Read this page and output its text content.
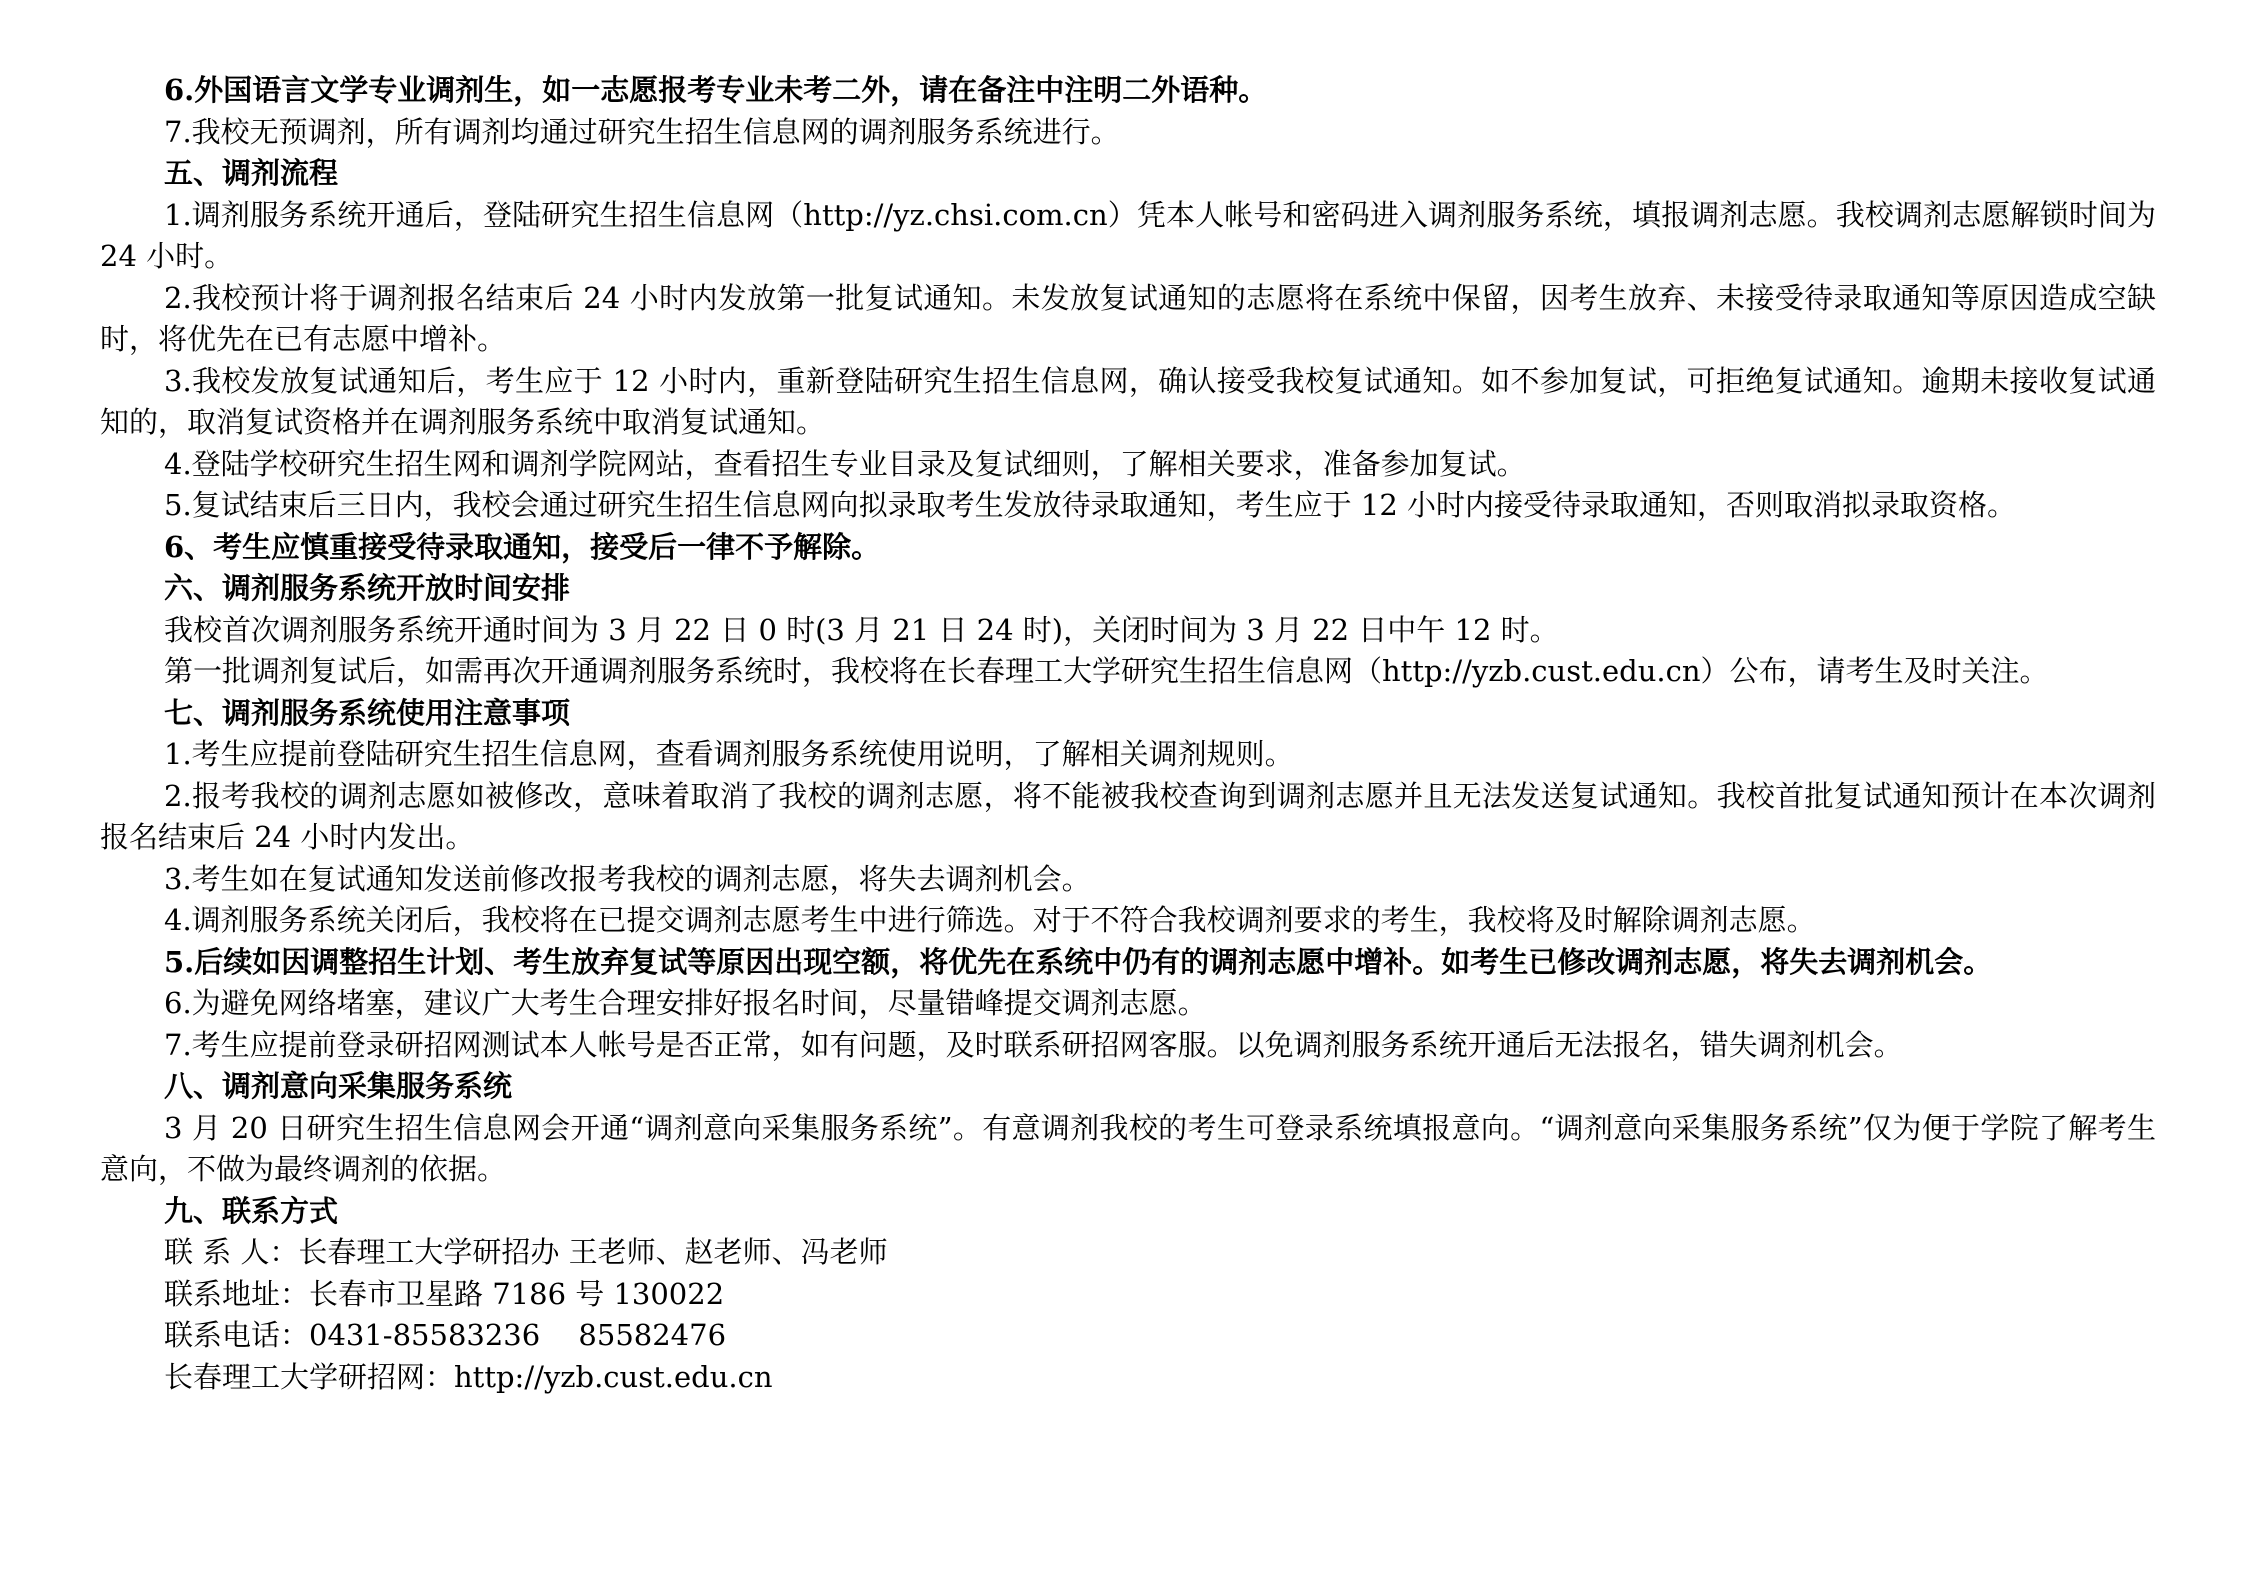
6.外国语言文学专业调剂生，如一志愿报考专业未考二外，请在备注中注明二外语种。

7.我校无预调剂，所有调剂均通过研究生招生信息网的调剂服务系统进行。

五、调剂流程

1.调剂服务系统开通后，登陆研究生招生信息网（http://yz.chsi.com.cn）凭本人帐号和密码进入调剂服务系统，填报调剂志愿。我校调剂志愿解锁时间为 24 小时。

2.我校预计将于调剂报名结束后 24 小时内发放第一批复试通知。未发放复试通知的志愿将在系统中保留，因考生放弃、未接受待录取通知等原因造成空缺时，将优先在已有志愿中增补。

3.我校发放复试通知后，考生应于 12 小时内，重新登陆研究生招生信息网，确认接受我校复试通知。如不参加复试，可拒绝复试通知。逾期未接收复试通知的，取消复试资格并在调剂服务系统中取消复试通知。

4.登陆学校研究生招生网和调剂学院网站，查看招生专业目录及复试细则，了解相关要求，准备参加复试。

5.复试结束后三日内，我校会通过研究生招生信息网向拟录取考生发放待录取通知，考生应于 12 小时内接受待录取通知，否则取消拟录取资格。

6、考生应慎重接受待录取通知，接受后一律不予解除。

六、调剂服务系统开放时间安排

我校首次调剂服务系统开通时间为 3 月 22 日 0 时(3 月 21 日 24 时)，关闭时间为 3 月 22 日中午 12 时。

第一批调剂复试后，如需再次开通调剂服务系统时，我校将在长春理工大学研究生招生信息网（http://yzb.cust.edu.cn）公布，请考生及时关注。

七、调剂服务系统使用注意事项

1.考生应提前登陆研究生招生信息网，查看调剂服务系统使用说明，了解相关调剂规则。

2.报考我校的调剂志愿如被修改，意味着取消了我校的调剂志愿，将不能被我校查询到调剂志愿并且无法发送复试通知。我校首批复试通知预计在本次调剂报名结束后 24 小时内发出。

3.考生如在复试通知发送前修改报考我校的调剂志愿，将失去调剂机会。

4.调剂服务系统关闭后，我校将在已提交调剂志愿考生中进行筛选。对于不符合我校调剂要求的考生，我校将及时解除调剂志愿。

5.后续如因调整招生计划、考生放弃复试等原因出现空额，将优先在系统中仍有的调剂志愿中增补。如考生已修改调剂志愿，将失去调剂机会。

6.为避免网络堵塞，建议广大考生合理安排好报名时间，尽量错峰提交调剂志愿。

7.考生应提前登录研招网测试本人帐号是否正常，如有问题，及时联系研招网客服。以免调剂服务系统开通后无法报名，错失调剂机会。

八、调剂意向采集服务系统

3 月 20 日研究生招生信息网会开通“调剂意向采集服务系统”。有意调剂我校的考生可登录系统填报意向。“调剂意向采集服务系统”仅为便于学院了解考生意向，不做为最终调剂的依据。

九、联系方式

联 系 人：长春理工大学研招办 王老师、赵老师、冯老师

联系地址：长春市卫星路 7186 号 130022

联系电话：0431-85583236　 85582476

长春理工大学研招网：http://yzb.cust.edu.cn
